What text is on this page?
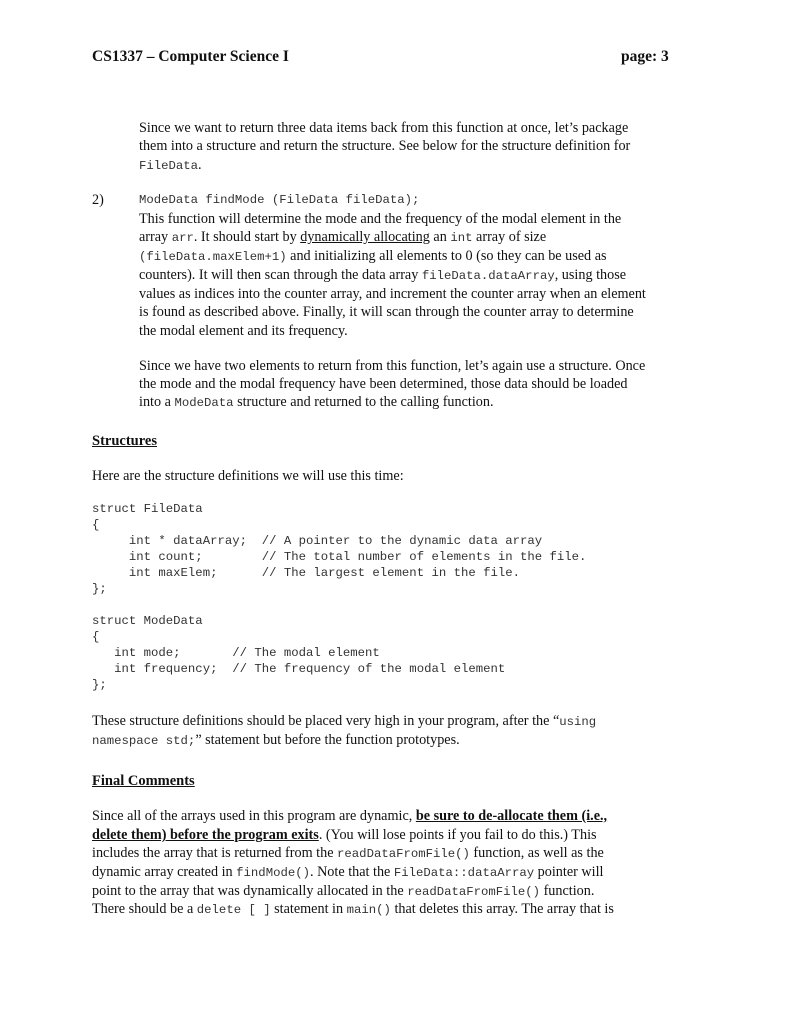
CS1337 – Computer Science I	page: 3
Since we want to return three data items back from this function at once, let’s package
them into a structure and return the structure. See below for the structure definition for
FileData.
2)	ModeData findMode (FileData fileData);
This function will determine the mode and the frequency of the modal element in the
array arr. It should start by dynamically allocating an int array of size
(fileData.maxElem+1) and initializing all elements to 0 (so they can be used as
counters). It will then scan through the data array fileData.dataArray, using those
values as indices into the counter array, and increment the counter array when an element
is found as described above. Finally, it will scan through the counter array to determine
the modal element and its frequency.
Since we have two elements to return from this function, let’s again use a structure. Once
the mode and the modal frequency have been determined, those data should be loaded
into a ModeData structure and returned to the calling function.
Structures
Here are the structure definitions we will use this time:
struct FileData
{
int * dataArray;  // A pointer to the dynamic data array
int count;        // The total number of elements in the file.
int maxElem;      // The largest element in the file.
};
struct ModeData
{
int mode;       // The modal element
int frequency;  // The frequency of the modal element
};
These structure definitions should be placed very high in your program, after the “using
namespace std;” statement but before the function prototypes.
Final Comments
Since all of the arrays used in this program are dynamic, be sure to de-allocate them (i.e.,
delete them) before the program exits. (You will lose points if you fail to do this.) This
includes the array that is returned from the readDataFromFile() function, as well as the
dynamic array created in findMode(). Note that the FileData::dataArray pointer will
point to the array that was dynamically allocated in the readDataFromFile() function.
There should be a delete [ ] statement in main() that deletes this array. The array that is
